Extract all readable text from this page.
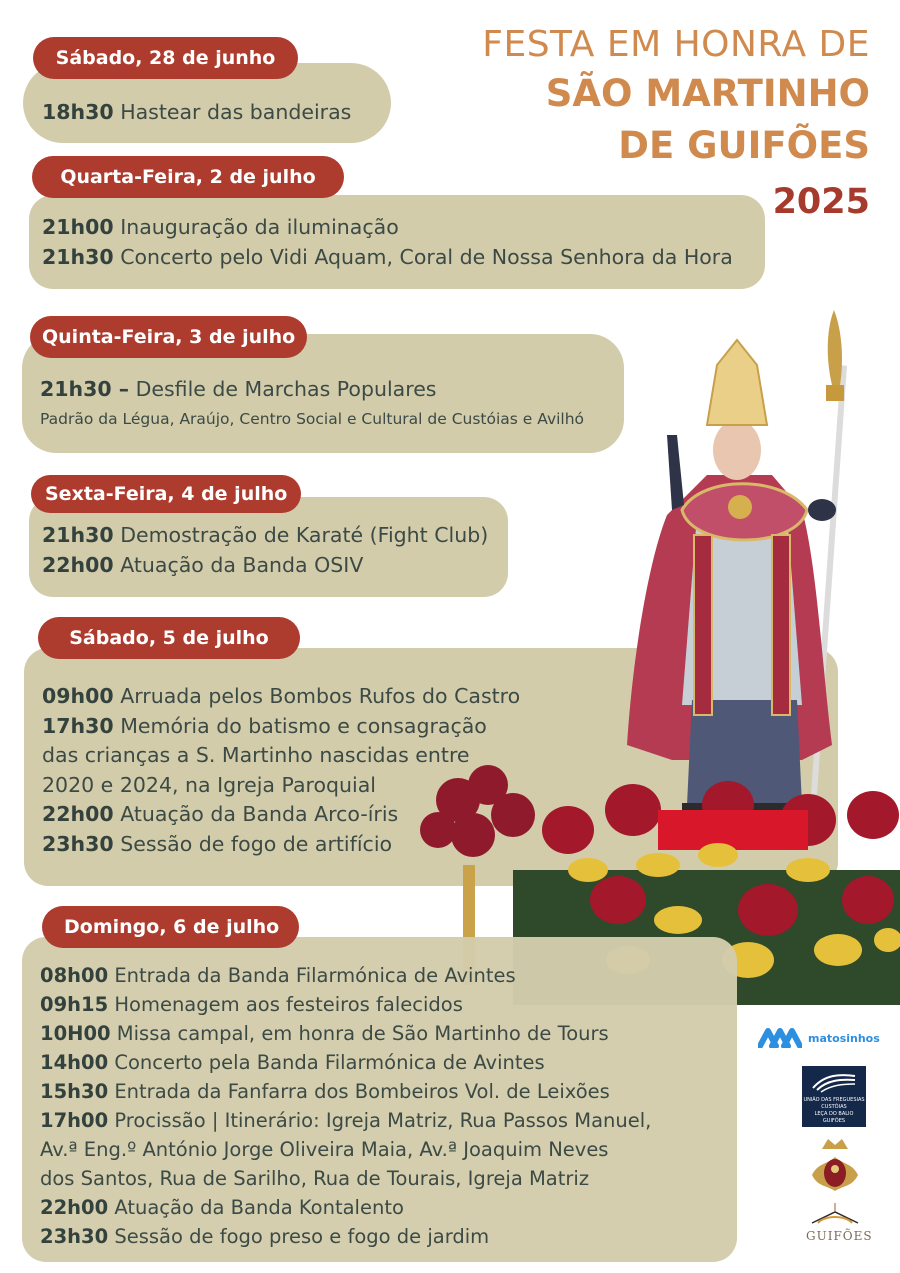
FESTA EM HONRA DE
SÃO MARTINHO
DE GUIFÕES
2025
Sábado, 28 de junho
18h30 Hastear das bandeiras
Quarta-Feira, 2 de julho
21h00 Inauguração da iluminação
21h30 Concerto pelo Vidi Aquam, Coral de Nossa Senhora da Hora
Quinta-Feira, 3 de julho
21h30 – Desfile de Marchas Populares
Padrão da Légua, Araújo, Centro Social e Cultural de Custóias e Avilhó
Sexta-Feira, 4 de julho
21h30 Demostração de Karaté (Fight Club)
22h00 Atuação da Banda OSIV
Sábado, 5 de julho
09h00 Arruada pelos Bombos Rufos do Castro
17h30 Memória do batismo e consagração
das crianças a S. Martinho nascidas entre
2020 e 2024, na Igreja Paroquial
22h00 Atuação da Banda Arco-íris
23h30 Sessão de fogo de artifício
Domingo, 6 de julho
08h00 Entrada da Banda Filarmónica de Avintes
09h15 Homenagem aos festeiros falecidos
10H00 Missa campal, em honra de São Martinho de Tours
14h00 Concerto pela Banda Filarmónica de Avintes
15h30 Entrada da Fanfarra dos Bombeiros Vol. de Leixões
17h00 Procissão | Itinerário: Igreja Matriz, Rua Passos Manuel,
Av.ª Eng.º António Jorge Oliveira Maia, Av.ª Joaquim Neves
dos Santos, Rua de Sarilho, Rua de Tourais, Igreja Matriz
22h00 Atuação da Banda Kontalento
23h30 Sessão de fogo preso e fogo de jardim
matosinhos
UNIÃO DAS FREGUESIAS
CUSTÓIAS
LEÇA DO BALIO
GUIFÕES
GUIFÕES
